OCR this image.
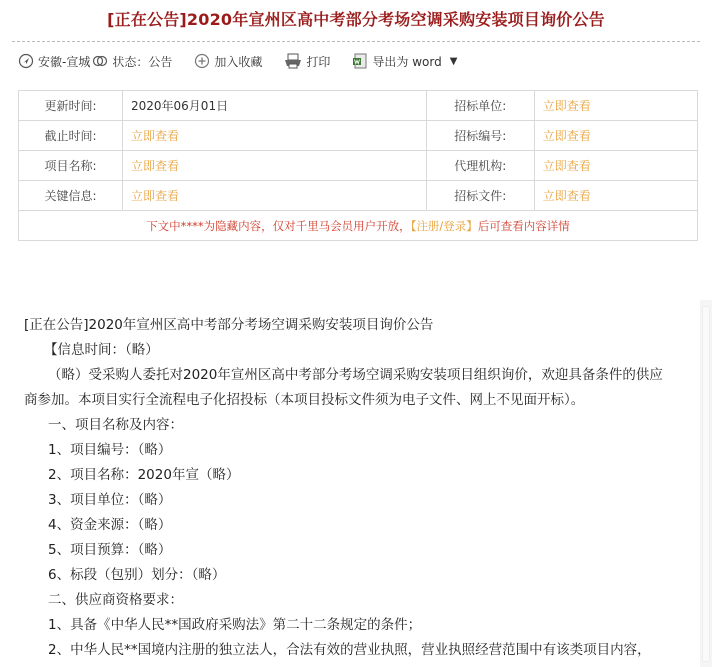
[正在公告]2020年宣州区高中考部分考场空调采购安装项目询价公告
安徽-宣城 状态：公告	加入收藏	打印	导出为 word ▼
更新时间:	2020年06月01日	招标单位:	立即查看
截止时间:	立即查看	招标编号:	立即查看
项目名称:	立即查看	代理机构:	立即查看
关键信息:	立即查看	招标文件:	立即查看
下文中****为隐藏内容，仅对千里马会员用户开放，【注册/登录】后可查看内容详情			

[正在公告]2020年宣州区高中考部分考场空调采购安装项目询价公告

【信息时间：（略）

（略）受采购人委托对2020年宣州区高中考部分考场空调采购安装项目组织询价，欢迎具备条件的供应

商参加。本项目实行全流程电子化招投标（本项目投标文件须为电子文件、网上不见面开标）。

一、项目名称及内容：

1、项目编号：（略）

2、项目名称：2020年宣（略）

3、项目单位：（略）

4、资金来源：（略）

5、项目预算：（略）

6、标段（包别）划分：（略）

二、供应商资格要求：

1、具备《中华人民**国政府采购法》第二十二条规定的条件；

2、中华人民**国境内注册的独立法人，合法有效的营业执照，营业执照经营范围中有该类项目内容，
